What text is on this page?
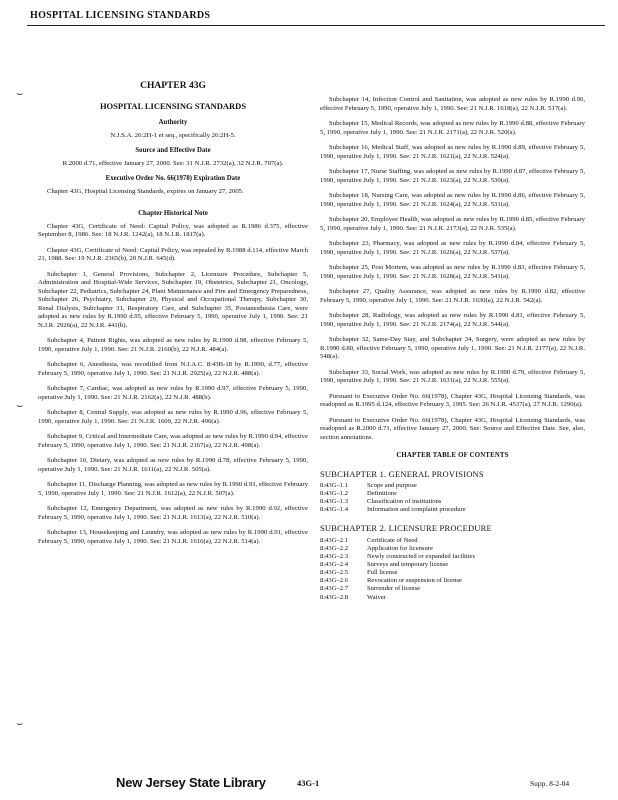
HOSPITAL LICENSING STANDARDS
⌣
⌣
⌣
CHAPTER 43G
HOSPITAL LICENSING STANDARDS
Authority

N.J.S.A. 26:2H-1 et seq., specifically 26:2H-5.

Source and Effective Date

R.2000 d.71, effective January 27, 2000. See: 31 N.J.R. 2732(a), 32 N.J.R. 707(a).

Executive Order No. 66(1978) Expiration Date

Chapter 43G, Hospital Licensing Standards, expires on January 27, 2005.

Chapter Historical Note

Chapter 43G, Certificate of Need: Capital Policy, was adopted as R.1986 d.375, effective September 8, 1986. See: 18 N.J.R. 1242(a), 18 N.J.R. 1817(a).

Chapter 43G, Certificate of Need: Capital Policy, was repealed by R.1988 d.114, effective March 21, 1988. See: 19 N.J.R. 2365(b), 20 N.J.R. 645(d).

Subchapter 1, General Provisions, Subchapter 2, Licensure Procedure, Subchapter 5, Administration and Hospital-Wide Services, Subchapter 19, Obstetrics, Subchapter 21, Oncology, Subchapter 22, Pediatrics, Subchapter 24, Plant Maintenance and Fire and Emergency Preparedness, Subchapter 26, Psychiatry, Subchapter 29, Physical and Occupational Therapy, Subchapter 30, Renal Dialysis, Subchapter 31, Respiratory Care, and Subchapter 35, Postanesthesia Care, were adopted as new rules by R.1990 d.95, effective February 5, 1990, operative July 1, 1990. See: 21 N.J.R. 2926(a), 22 N.J.R. 441(b).

Subchapter 4, Patient Rights, was adopted as new rules by R.1990 d.98, effective February 5, 1990, operative July 1, 1990. See: 21 N.J.R. 2160(b), 22 N.J.R. 484(a).

Subchapter 6, Anesthesia, was recodified from N.J.A.C. 8:43B-18 by R.1990, d.77, effective February 5, 1990, operative July 1, 1990. See: 21 N.J.R. 2925(a), 22 N.J.R. 488(a).

Subchapter 7, Cardiac, was adopted as new rules by R.1990 d.97, effective February 5, 1990, operative July 1, 1990. See: 21 N.J.R. 2162(a), 22 N.J.R. 488(b).

Subchapter 8, Central Supply, was adopted as new rules by R.1990 d.96, effective February 5, 1990, operative July 1, 1990. See: 21 N.J.R. 1609, 22 N.J.R. 496(a).

Subchapter 9, Critical and Intermediate Care, was adopted as new rules by R.1990 d.94, effective February 5, 1990, operative July 1, 1990. See: 21 N.J.R. 2167(a), 22 N.J.R. 498(a).

Subchapter 10, Dietary, was adopted as new rules by R.1990 d.78, effective February 5, 1990, operative July 1, 1990. See: 21 N.J.R. 1611(a), 22 N.J.R. 505(a).

Subchapter 11, Discharge Planning, was adopted as new rules by R.1990 d.93, effective February 5, 1990, operative July 1, 1990. See: 21 N.J.R. 1612(a), 22 N.J.R. 507(a).

Subchapter 12, Emergency Department, was adopted as new rules by R.1990 d.92, effective February 5, 1990, operative July 1, 1990. See: 21 N.J.R. 1613(a), 22 N.J.R. 510(a).

Subchapter 13, Housekeeping and Laundry, was adopted as new rules by R.1990 d.91, effective February 5, 1990, operative July 1, 1990. See: 21 N.J.R. 1616(a), 22 N.J.R. 514(a).

Subchapter 14, Infection Control and Sanitation, was adopted as new rules by R.1990 d.90, effective February 5, 1990, operative July 1, 1990. See: 21 N.J.R. 1618(a), 22 N.J.R. 517(a).

Subchapter 15, Medical Records, was adopted as new rules by R.1990 d.88, effective February 5, 1990, operative July 1, 1990. See: 21 N.J.R. 2171(a), 22 N.J.R. 520(a).

Subchapter 16, Medical Staff, was adopted as new rules by R.1990 d.89, effective February 5, 1990, operative July 1, 1990. See: 21 N.J.R. 1621(a), 22 N.J.R. 524(a).

Subchapter 17, Nurse Staffing, was adopted as new rules by R.1990 d.87, effective February 5, 1990, operative July 1, 1990. See: 21 N.J.R. 1623(a), 22 N.J.R. 530(a).

Subchapter 18, Nursing Care, was adopted as new rules by R.1990 d.86, effective February 5, 1990, operative July 1, 1990. See: 21 N.J.R. 1624(a), 22 N.J.R. 531(a).

Subchapter 20, Employee Health, was adopted as new rules by R.1990 d.85, effective February 5, 1990, operative July 1, 1990. See: 21 N.J.R. 2173(a), 22 N.J.R. 535(a).

Subchapter 23, Pharmacy, was adopted as new rules by R.1990 d.84, effective February 5, 1990, operative July 1, 1990. See: 21 N.J.R. 1626(a), 22 N.J.R. 537(a).

Subchapter 25, Post Mortem, was adopted as new rules by R.1990 d.83, effective February 5, 1990, operative July 1, 1990. See: 21 N.J.R. 1628(a), 22 N.J.R. 541(a).

Subchapter 27, Quality Assurance, was adopted as new rules by R.1990 d.82, effective February 5, 1990, operative July 1, 1990. See: 21 N.J.R. 1630(a), 22 N.J.R. 542(a).

Subchapter 28, Radiology, was adopted as new rules by R.1990 d.81, effective February 5, 1990, operative July 1, 1990. See: 21 N.J.R. 2174(a), 22 N.J.R. 544(a).

Subchapter 32, Same-Day Stay, and Subchapter 34, Surgery, were adopted as new rules by R.1990 d.80, effective February 5, 1990, operative July 1, 1990. See: 21 N.J.R. 2177(a), 22 N.J.R. 548(a).

Subchapter 33, Social Work, was adopted as new rules by R.1990 d.79, effective February 5, 1990, operative July 1, 1990. See: 21 N.J.R. 1631(a), 22 N.J.R. 555(a).

Pursuant to Executive Order No. 66(1978), Chapter 43G, Hospital Licensing Standards, was readopted as R.1995 d.124, effective February 3, 1995. See: 26 N.J.R. 4537(a), 27 N.J.R. 1290(a).

Pursuant to Executive Order No. 66(1978), Chapter 43G, Hospital Licensing Standards, was readopted as R.2000 d.71, effective January 27, 2000. See: Source and Effective Date. See, also, section annotations.

CHAPTER TABLE OF CONTENTS
SUBCHAPTER 1. GENERAL PROVISIONS
8:43G–1.1	Scope and purpose
8:43G–1.2	Definitions
8:43G–1.3	Classification of institutions
8:43G–1.4	Information and complaint procedure
SUBCHAPTER 2. LICENSURE PROCEDURE
8:43G–2.1	Certificate of Need
8:43G–2.2	Application for licensure
8:43G–2.3	Newly constructed or expanded facilities
8:43G–2.4	Surveys and temporary license
8:43G–2.5	Full license
8:43G–2.6	Revocation or suspension of license
8:43G–2.7	Surrender of license
8:43G–2.8	Waiver
New Jersey State Library	43G-1	Supp. 8-2-04
